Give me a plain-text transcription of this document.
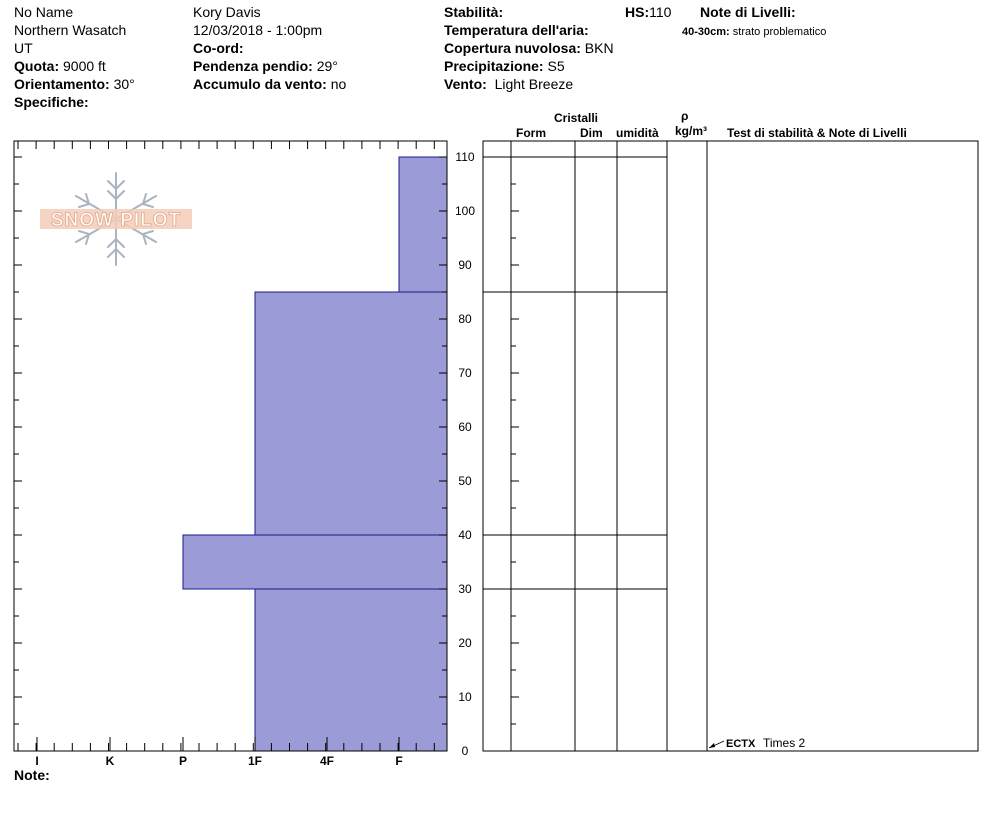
No Name
Northern Wasatch
UT
Quota: 9000 ft
Orientamento: 30°
Specifiche:
Kory Davis
12/03/2018 - 1:00pm
Co-ord:
Pendenza pendio: 29°
Accumulo da vento: no
Stabilità:
Temperatura dell'aria:
Copertura nuvolosa: BKN
Precipitazione: S5
Vento: Light Breeze
HS:110 Note di Livelli:
40-30cm: strato problematico
Cristalli
Form	Dim umidità
ρ
kg/m³ Test di stabilità & Note di Livelli
I	K	P	1F	4F	F
0
10
20
30
40
50
60
70
80
90
100
110
SNOW PILOT
ECTX Times 2
Note:
